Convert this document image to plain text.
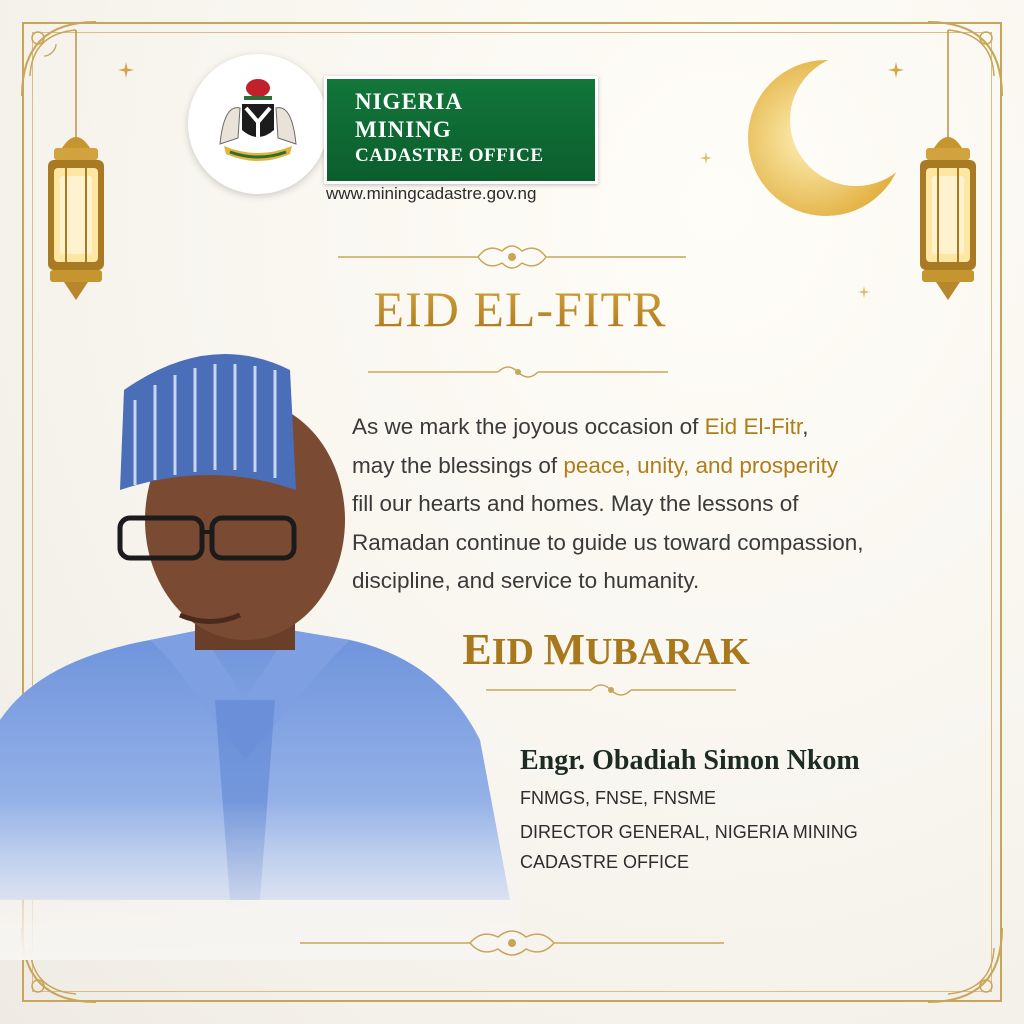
NIGERIA
MINING
CADASTRE OFFICE
www.miningcadastre.gov.ng
EID EL-FITR
As we mark the joyous occasion of Eid El-Fitr,
may the blessings of peace, unity, and prosperity
fill our hearts and homes. May the lessons of
Ramadan continue to guide us toward compassion,
discipline, and service to humanity.
EID MUBARAK
Engr. Obadiah Simon Nkom
FNMGS, FNSE, FNSME
DIRECTOR GENERAL, NIGERIA MINING
CADASTRE OFFICE
